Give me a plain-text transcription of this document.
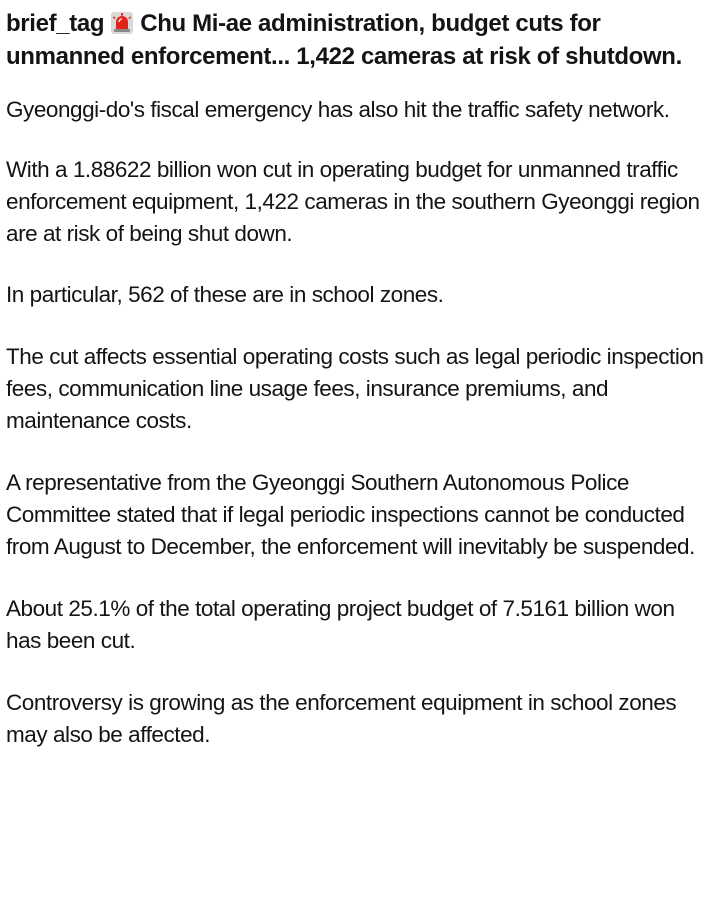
brief_tag Chu Mi-ae administration, budget cuts for unmanned enforcement... 1,422 cameras at risk of shutdown.

Gyeonggi-do's fiscal emergency has also hit the traffic safety network.

With a 1.88622 billion won cut in operating budget for unmanned traffic enforcement equipment, 1,422 cameras in the southern Gyeonggi region are at risk of being shut down.

In particular, 562 of these are in school zones.

The cut affects essential operating costs such as legal periodic inspection fees, communication line usage fees, insurance premiums, and maintenance costs.

A representative from the Gyeonggi Southern Autonomous Police Committee stated that if legal periodic inspections cannot be conducted from August to December, the enforcement will inevitably be suspended.

About 25.1% of the total operating project budget of 7.5161 billion won has been cut.

Controversy is growing as the enforcement equipment in school zones may also be affected.
